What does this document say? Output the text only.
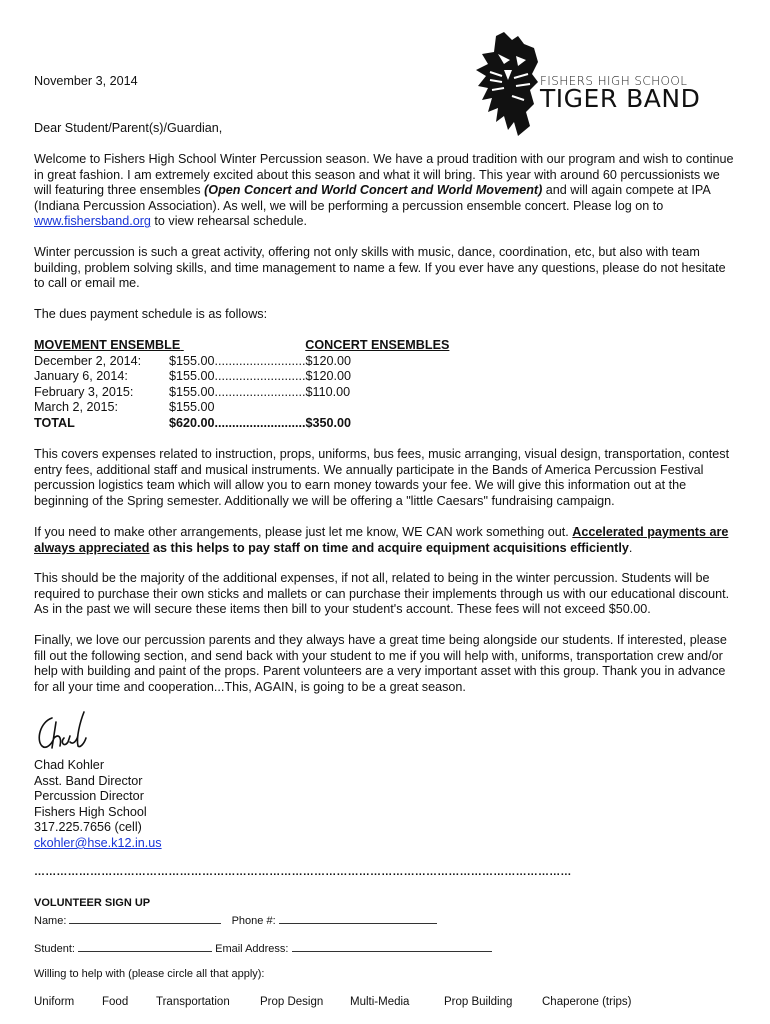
FISHERS HIGH SCHOOL
TIGER BAND

November 3, 2014

Dear Student/Parent(s)/Guardian,

Welcome to Fishers High School Winter Percussion season. We have a proud tradition with our program and wish to continue in great fashion. I am extremely excited about this season and what it will bring. This year with around 60 percussionists we will featuring three ensembles (Open Concert and World Concert and World Movement) and will again compete at IPA (Indiana Percussion Association). As well, we will be performing a percussion ensemble concert. Please log on to www.fishersband.org to view rehearsal schedule.

Winter percussion is such a great activity, offering not only skills with music, dance, coordination, etc, but also with team building, problem solving skills, and time management to name a few. If you ever have any questions, please do not hesitate to call or email me.

The dues payment schedule is as follows:

MOVEMENT ENSEMBLE CONCERT ENSEMBLES	
December 2, 2014:	$155.00..........................$120.00
January 6, 2014:	$155.00..........................$120.00
February 3, 2015:	$155.00..........................$110.00
March 2, 2015:	$155.00
TOTAL	$620.00..........................$350.00

This covers expenses related to instruction, props, uniforms, bus fees, music arranging, visual design, transportation, contest entry fees, additional staff and musical instruments. We annually participate in the Bands of America Percussion Festival percussion logistics team which will allow you to earn money towards your fee. We will give this information out at the beginning of the Spring semester. Additionally we will be offering a "little Caesars" fundraising campaign.

If you need to make other arrangements, please just let me know, WE CAN work something out. Accelerated payments are always appreciated as this helps to pay staff on time and acquire equipment acquisitions efficiently.

This should be the majority of the additional expenses, if not all, related to being in the winter percussion. Students will be required to purchase their own sticks and mallets or can purchase their implements through us with our educational discount. As in the past we will secure these items then bill to your student's account. These fees will not exceed $50.00.

Finally, we love our percussion parents and they always have a great time being alongside our students. If interested, please fill out the following section, and send back with your student to me if you will help with, uniforms, transportation crew and/or help with building and paint of the props. Parent volunteers are a very important asset with this group. Thank you in advance for all your time and cooperation...This, AGAIN, is going to be a great season.

Chad Kohler
Asst. Band Director
Percussion Director
Fishers High School
317.225.7656 (cell)
ckohler@hse.k12.in.us
………………………………………………………………………………………………………………………………
VOLUNTEER SIGN UP
Name:	Phone #:
Student:	Email Address:
Willing to help with (please circle all that apply):
Uniform Food Transportation	Prop Design Multi-Media	Prop Building	Chaperone (trips)
